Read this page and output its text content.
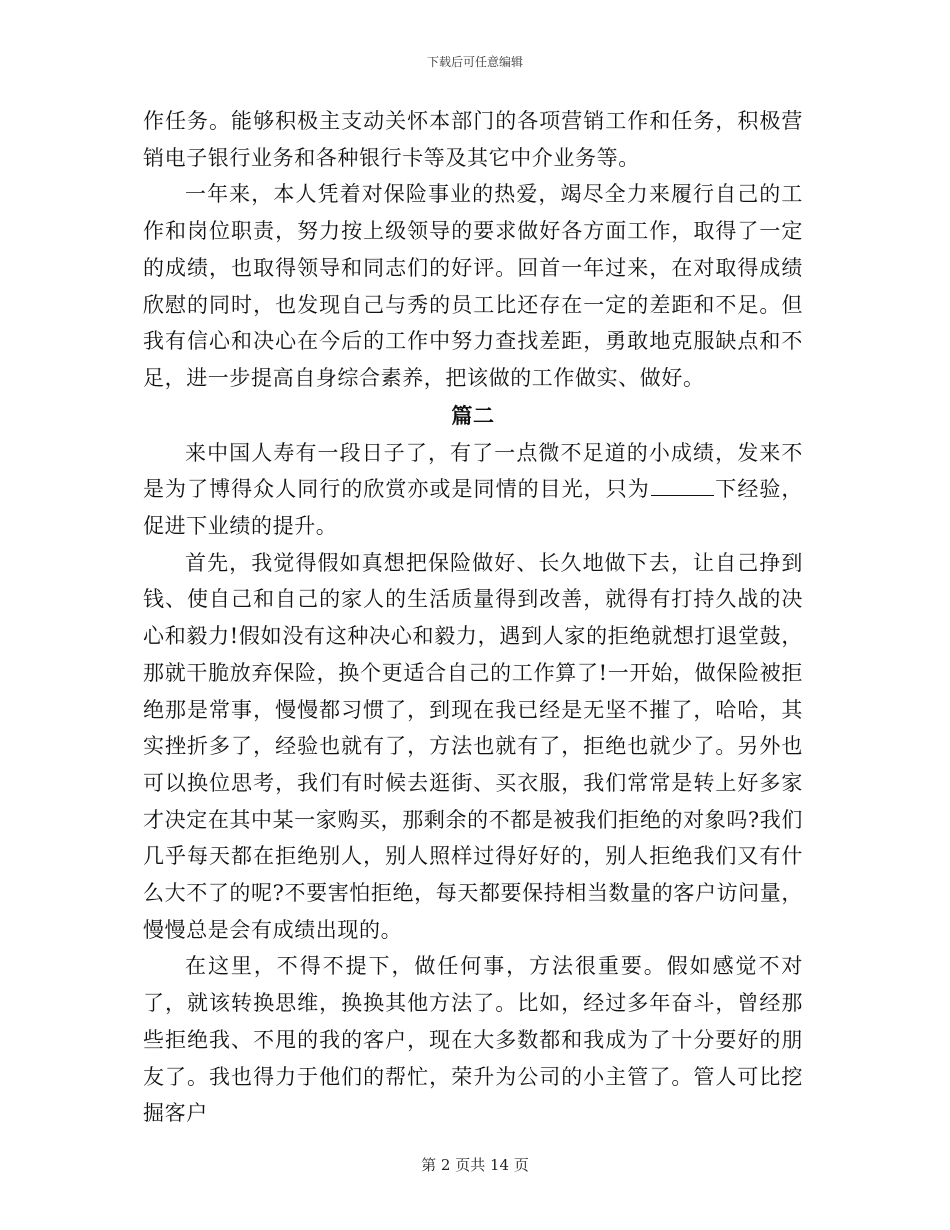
下载后可任意编辑

作任务。能够积极主支动关怀本部门的各项营销工作和任务，积极营销电子银行业务和各种银行卡等及其它中介业务等。

一年来，本人凭着对保险事业的热爱，竭尽全力来履行自己的工作和岗位职责，努力按上级领导的要求做好各方面工作，取得了一定的成绩，也取得领导和同志们的好评。回首一年过来，在对取得成绩欣慰的同时，也发现自己与秀的员工比还存在一定的差距和不足。但我有信心和决心在今后的工作中努力查找差距，勇敢地克服缺点和不足，进一步提高自身综合素养，把该做的工作做实、做好。

篇二

来中国人寿有一段日子了，有了一点微不足道的小成绩，发来不是为了博得众人同行的欣赏亦或是同情的目光，只为	下经验，促进下业绩的提升。

首先，我觉得假如真想把保险做好、长久地做下去，让自己挣到钱、使自己和自己的家人的生活质量得到改善，就得有打持久战的决心和毅力!假如没有这种决心和毅力，遇到人家的拒绝就想打退堂鼓，那就干脆放弃保险，换个更适合自己的工作算了!一开始，做保险被拒绝那是常事，慢慢都习惯了，到现在我已经是无坚不摧了，哈哈，其实挫折多了，经验也就有了，方法也就有了，拒绝也就少了。另外也可以换位思考，我们有时候去逛街、买衣服，我们常常是转上好多家才决定在其中某一家购买，那剩余的不都是被我们拒绝的对象吗?我们几乎每天都在拒绝别人，别人照样过得好好的，别人拒绝我们又有什么大不了的呢?不要害怕拒绝，每天都要保持相当数量的客户访问量，慢慢总是会有成绩出现的。

在这里，不得不提下，做任何事，方法很重要。假如感觉不对了，就该转换思维，换换其他方法了。比如，经过多年奋斗，曾经那些拒绝我、不甩的我的客户，现在大多数都和我成为了十分要好的朋友了。我也得力于他们的帮忙，荣升为公司的小主管了。管人可比挖掘客户

第 2 页共 14 页
